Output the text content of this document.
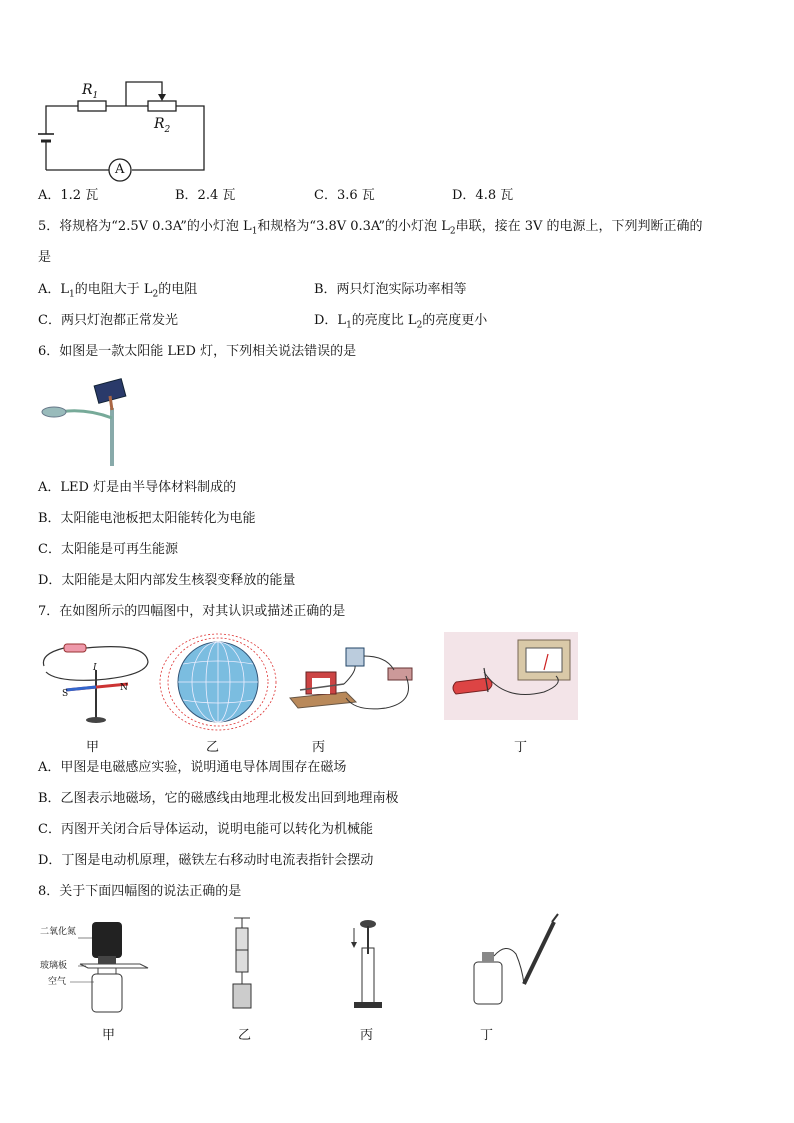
$R_1$
$R_2$
A
A．1.2 瓦	B．2.4 瓦	C．3.6 瓦	D．4.8 瓦
5．将规格为“2.5V 0.3A”的小灯泡 $L_1$和规格为“3.8V 0.3A”的小灯泡 $L_2$串联，接在 3V 的电源上，下列判断正确的
是
A．$L_1$的电阻大于 $L_2$的电阻	B．两只灯泡实际功率相等
C．两只灯泡都正常发光	D．$L_1$的亮度比 $L_2$的亮度更小
6．如图是一款太阳能 LED 灯，下列相关说法错误的是
A．LED 灯是由半导体材料制成的
B．太阳能电池板把太阳能转化为电能
C．太阳能是可再生能源
D．太阳能是太阳内部发生核裂变释放的能量
7．在如图所示的四幅图中，对其认识或描述正确的是
S
N
I
甲	乙	丙	丁
A．甲图是电磁感应实验，说明通电导体周围存在磁场
B．乙图表示地磁场，它的磁感线由地理北极发出回到地理南极
C．丙图开关闭合后导体运动，说明电能可以转化为机械能
D．丁图是电动机原理，磁铁左右移动时电流表指针会摆动
8．关于下面四幅图的说法正确的是
二氧化氮
玻璃板
空气
甲	乙	丙	丁
